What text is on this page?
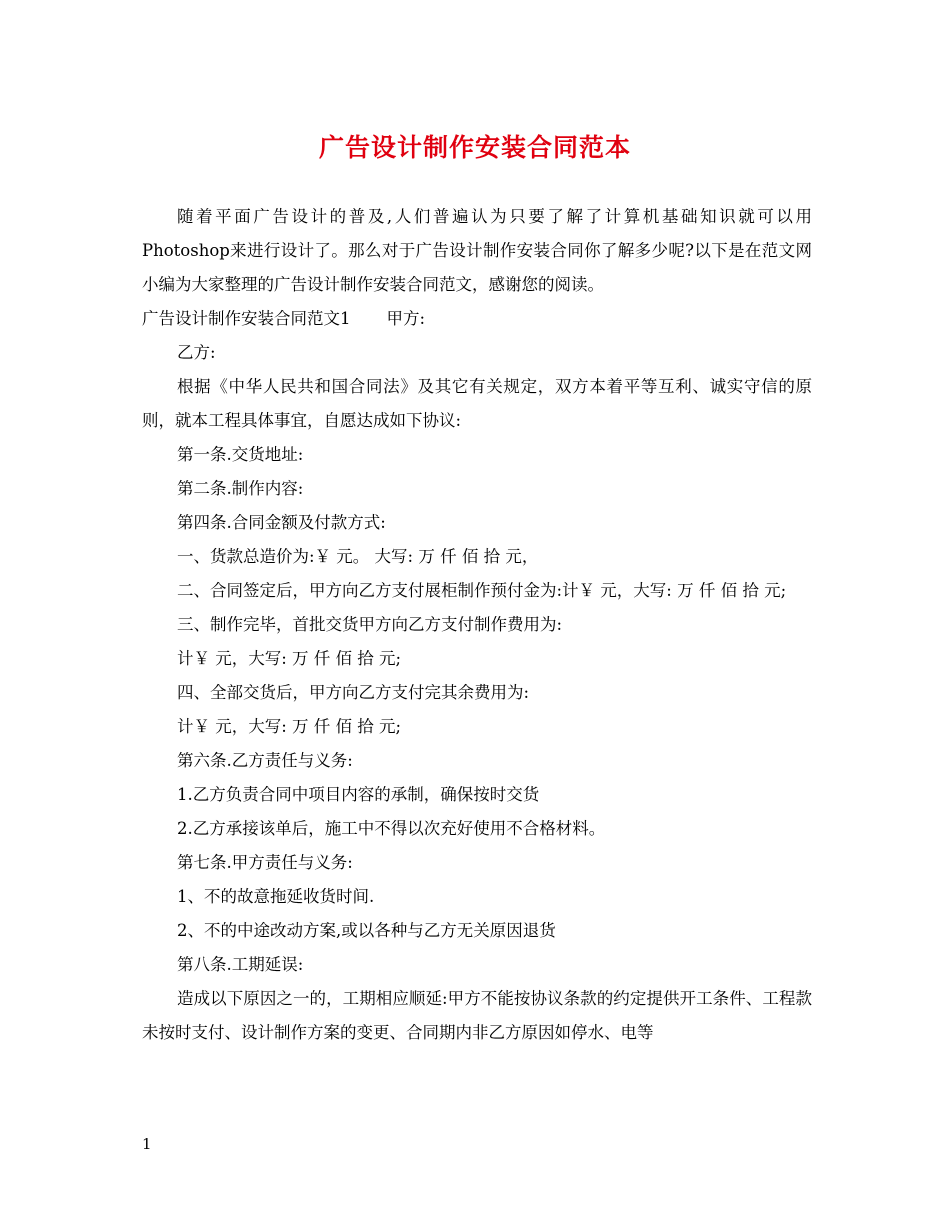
广告设计制作安装合同范本

随着平面广告设计的普及,人们普遍认为只要了解了计算机基础知识就可以用Photoshop来进行设计了。那么对于广告设计制作安装合同你了解多少呢?以下是在范文网小编为大家整理的广告设计制作安装合同范文，感谢您的阅读。

广告设计制作安装合同范文1 甲方:

乙方:

根据《中华人民共和国合同法》及其它有关规定，双方本着平等互利、诚实守信的原则，就本工程具体事宜，自愿达成如下协议:

第一条.交货地址:

第二条.制作内容:

第四条.合同金额及付款方式:

一、货款总造价为:￥ 元。 大写: 万 仟 佰 拾 元，

二、合同签定后，甲方向乙方支付展柜制作预付金为:计￥ 元，大写: 万 仟 佰 拾 元;

三、制作完毕，首批交货甲方向乙方支付制作费用为:

计￥ 元，大写: 万 仟 佰 拾 元;

四、全部交货后，甲方向乙方支付完其余费用为:

计￥ 元，大写: 万 仟 佰 拾 元;

第六条.乙方责任与义务:

1.乙方负责合同中项目内容的承制，确保按时交货

2.乙方承接该单后，施工中不得以次充好使用不合格材料。

第七条.甲方责任与义务:

1、不的故意拖延收货时间.

2、不的中途改动方案,或以各种与乙方无关原因退货

第八条.工期延误:

造成以下原因之一的，工期相应顺延:甲方不能按协议条款的约定提供开工条件、工程款未按时支付、设计制作方案的变更、合同期内非乙方原因如停水、电等

1
